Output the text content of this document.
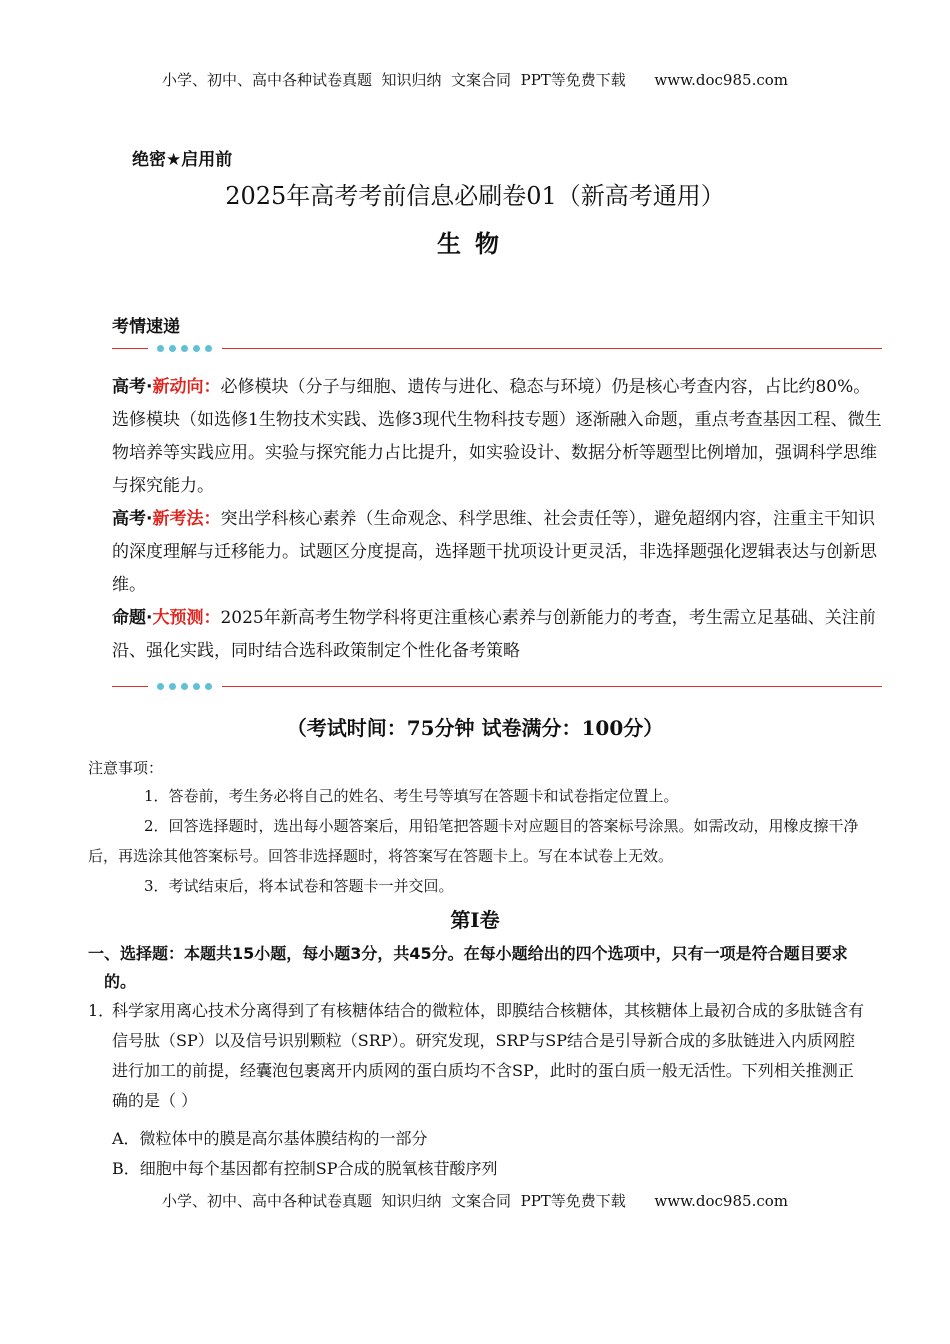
小学、初中、高中各种试卷真题  知识归纳  文案合同  PPT等免费下载      www.doc985.com
绝密★启用前
2025年高考考前信息必刷卷01（新高考通用）
生物
考情速递

高考·新动向：必修模块（分子与细胞、遗传与进化、稳态与环境）仍是核心考查内容，占比约80%。选修模块（如选修1生物技术实践、选修3现代生物科技专题）逐渐融入命题，重点考查基因工程、微生物培养等实践应用。实验与探究能力占比提升，如实验设计、数据分析等题型比例增加，强调科学思维与探究能力。

高考·新考法：突出学科核心素养（生命观念、科学思维、社会责任等），避免超纲内容，注重主干知识的深度理解与迁移能力。试题区分度提高，选择题干扰项设计更灵活，非选择题强化逻辑表达与创新思维。

命题·大预测：2025年新高考生物学科将更注重核心素养与创新能力的考查，考生需立足基础、关注前沿、强化实践，同时结合选科政策制定个性化备考策略

（考试时间：75分钟 试卷满分：100分）
注意事项：
1．答卷前，考生务必将自己的姓名、考生号等填写在答题卡和试卷指定位置上。
2．回答选择题时，选出每小题答案后，用铅笔把答题卡对应题目的答案标号涂黑。如需改动，用橡皮擦干净后，再选涂其他答案标号。回答非选择题时，将答案写在答题卡上。写在本试卷上无效。
3．考试结束后，将本试卷和答题卡一并交回。
第Ⅰ卷
一、选择题：本题共15小题，每小题3分，共45分。在每小题给出的四个选项中，只有一项是符合题目要求的。
1．
科学家用离心技术分离得到了有核糖体结合的微粒体，即膜结合核糖体，其核糖体上最初合成的多肽链含有信号肽（SP）以及信号识别颗粒（SRP）。研究发现，SRP与SP结合是引导新合成的多肽链进入内质网腔进行加工的前提，经囊泡包裹离开内质网的蛋白质均不含SP，此时的蛋白质一般无活性。下列相关推测正确的是（ ）
A．微粒体中的膜是高尔基体膜结构的一部分
B．细胞中每个基因都有控制SP合成的脱氧核苷酸序列
小学、初中、高中各种试卷真题  知识归纳  文案合同  PPT等免费下载      www.doc985.com
